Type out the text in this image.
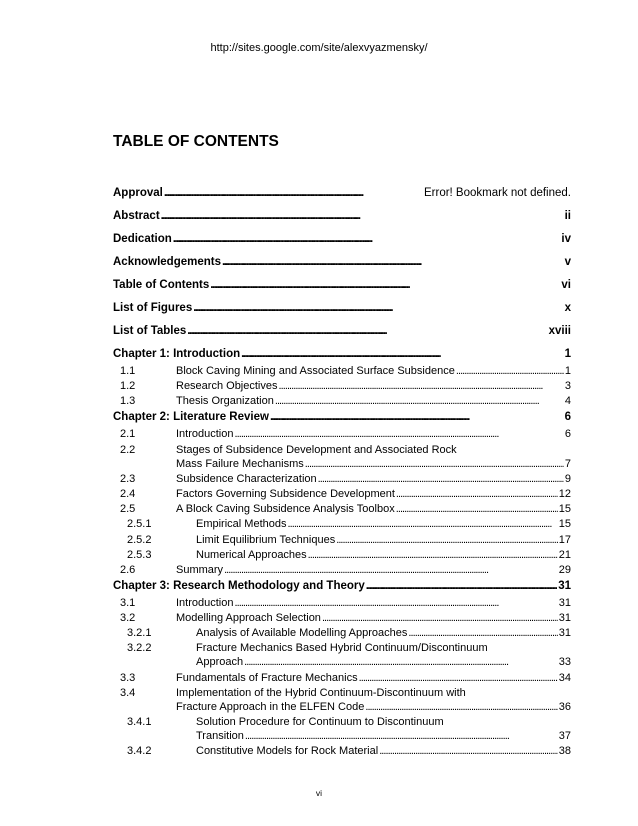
http://sites.google.com/site/alexvyazmensky/
TABLE OF CONTENTS
Approval . . .	Error! Bookmark not defined.
Abstract . . .	ii
Dedication . . .	iv
Acknowledgements . . .	v
Table of Contents . . .	vi
List of Figures . . .	x
List of Tables . . .	xviii
Chapter 1: Introduction . . .	1
1.1	Block Caving Mining and Associated Surface Subsidence . . .	1
1.2	Research Objectives . . .	3
1.3	Thesis Organization . . .	4
Chapter 2: Literature Review . . .	6
2.1	Introduction . . .	6
2.2	Stages of Subsidence Development and Associated Rock
Mass Failure Mechanisms . . .	7
2.3	Subsidence Characterization . . .	9
2.4	Factors Governing Subsidence Development . . .	12
2.5	A Block Caving Subsidence Analysis Toolbox . . .	15
2.5.1	Empirical Methods . . .	15
2.5.2	Limit Equilibrium Techniques . . .	17
2.5.3	Numerical Approaches . . .	21
2.6	Summary . . .	29
Chapter 3: Research Methodology and Theory . . .	31
3.1	Introduction . . .	31
3.2	Modelling Approach Selection . . .	31
3.2.1	Analysis of Available Modelling Approaches . . .	31
3.2.2	Fracture Mechanics Based Hybrid Continuum/Discontinuum
Approach . . .	33
3.3	Fundamentals of Fracture Mechanics . . .	34
3.4	Implementation of the Hybrid Continuum-Discontinuum with
Fracture Approach in the ELFEN Code . . .	36
3.4.1	Solution Procedure for Continuum to Discontinuum
Transition . . .	37
3.4.2	Constitutive Models for Rock Material . . .	38
vi
